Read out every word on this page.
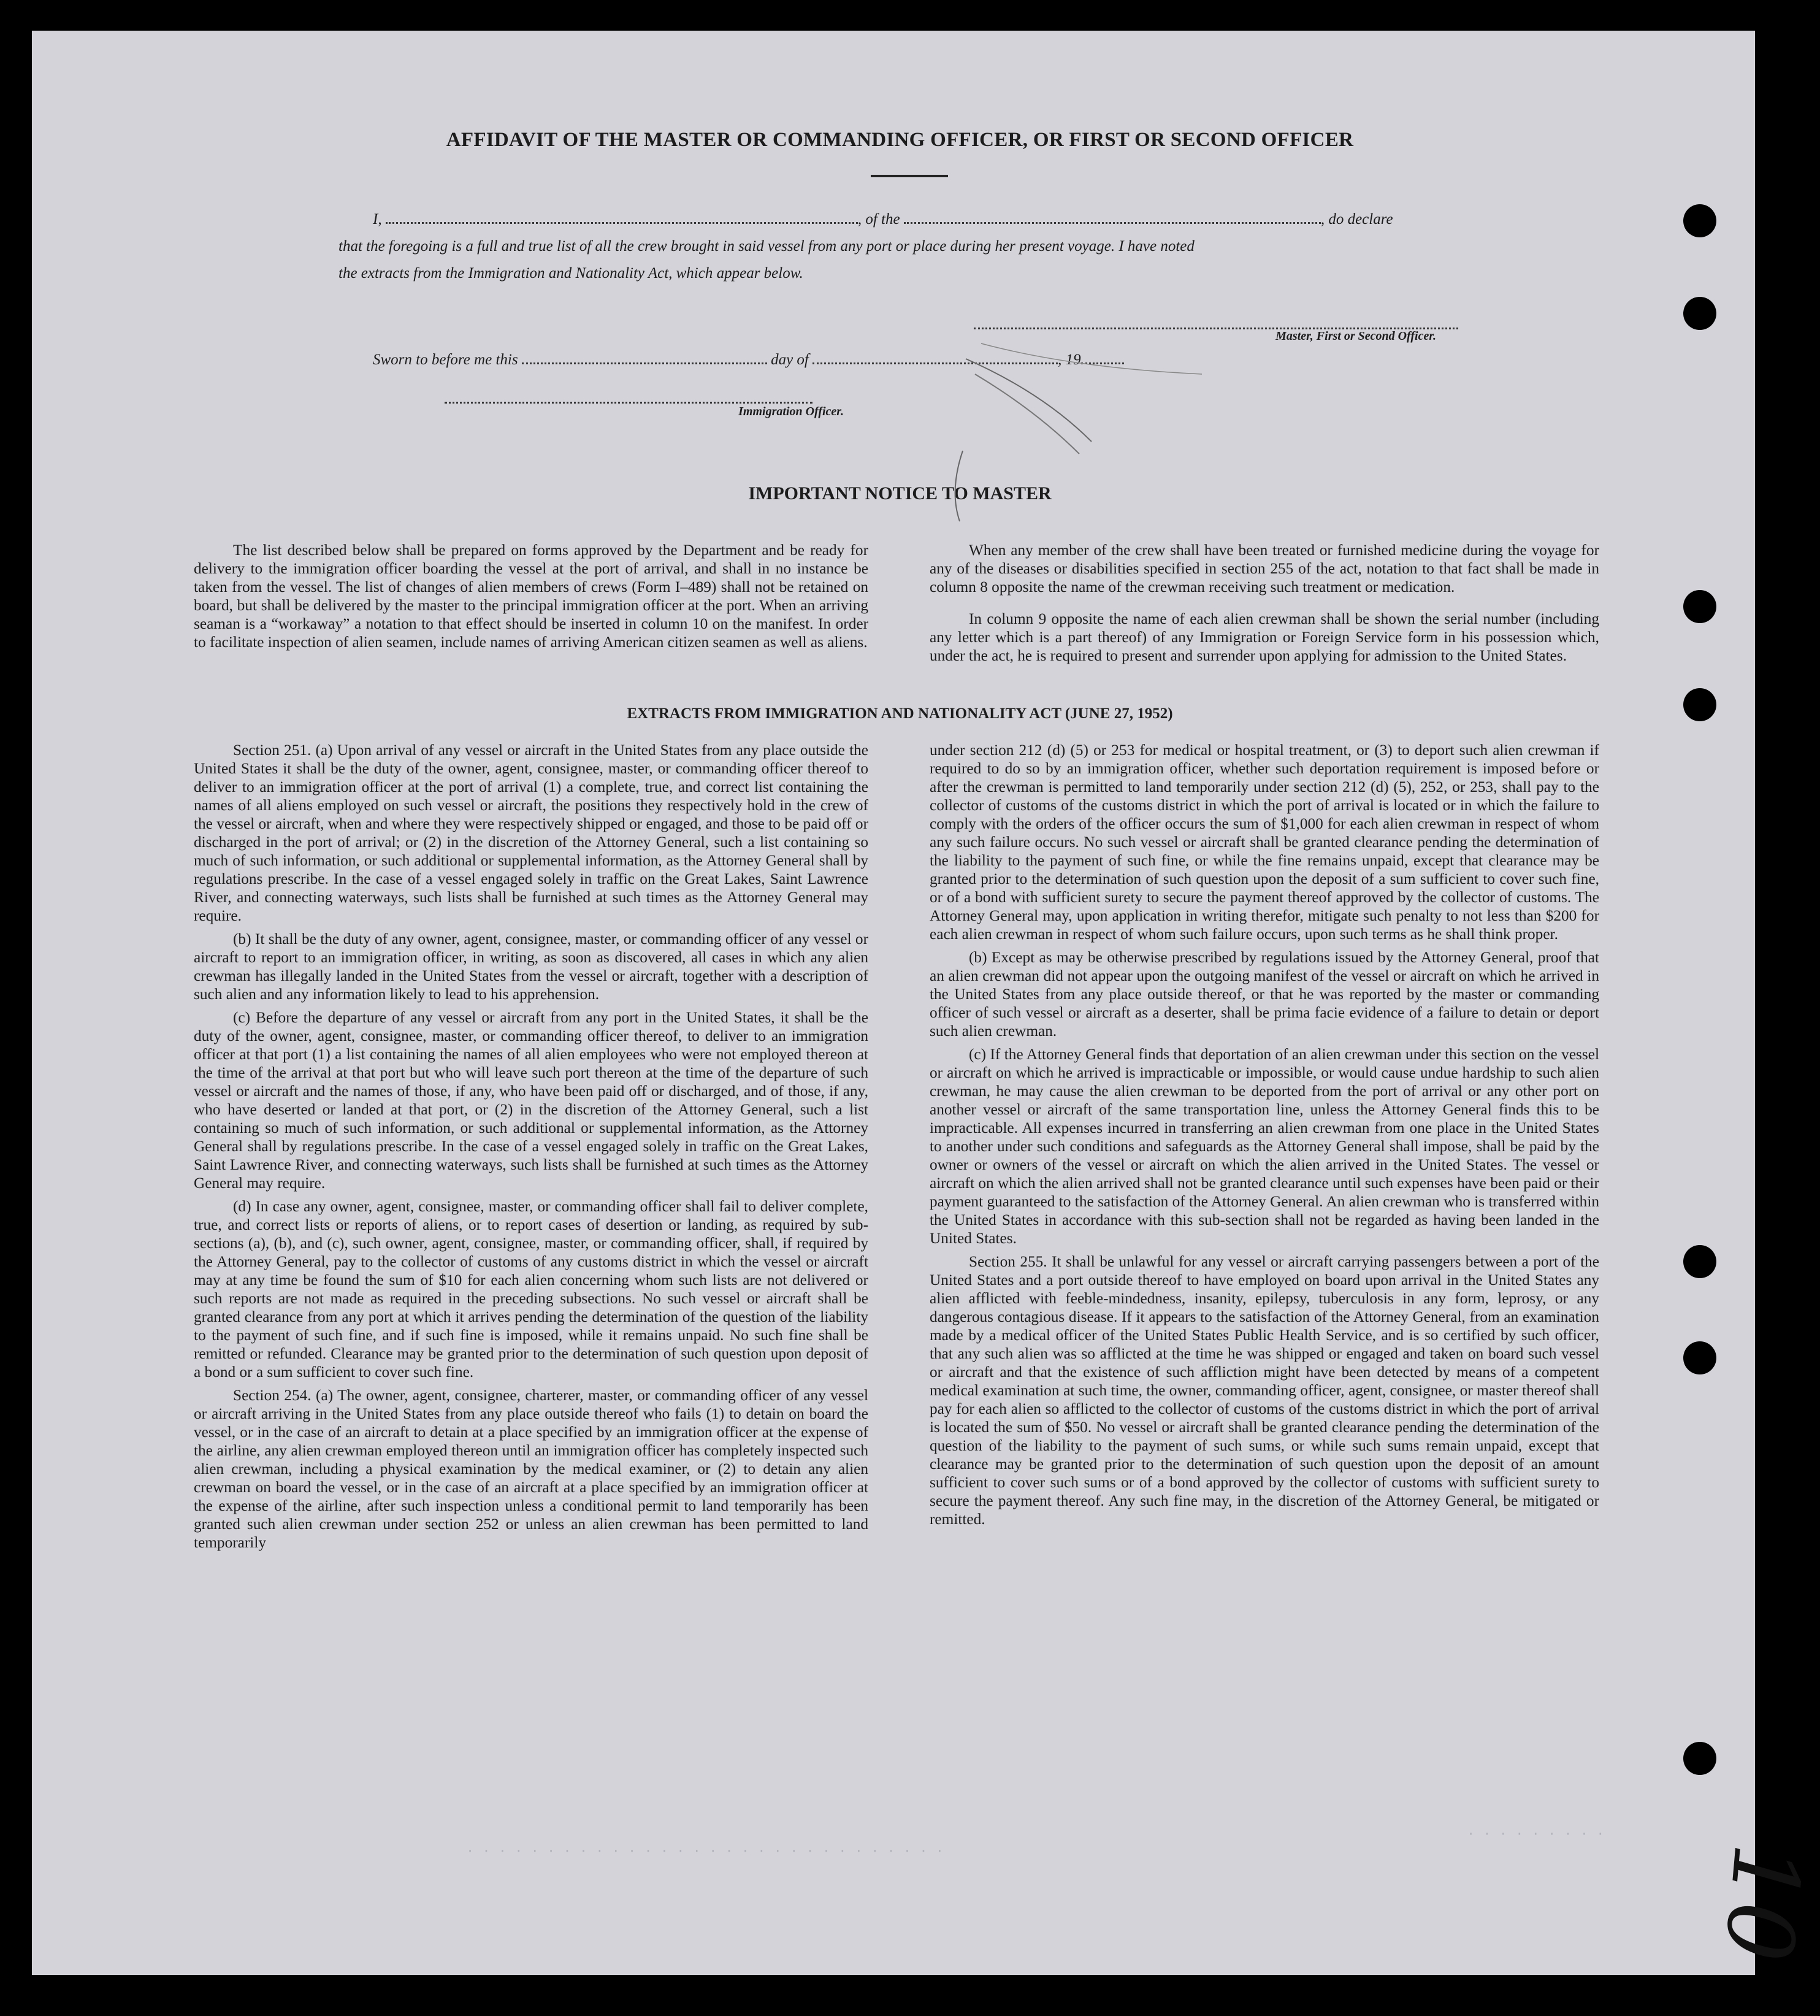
AFFIDAVIT OF THE MASTER OR COMMANDING OFFICER, OR FIRST OR SECOND OFFICER
I,	, of the	, do declare
that the foregoing is a full and true list of all the crew brought in said vessel from any port or place during her present voyage. I have noted
the extracts from the Immigration and Nationality Act, which appear below.
Master, First or Second Officer.
Sworn to before me this	day of	, 19
Immigration Officer.
IMPORTANT NOTICE TO MASTER

The list described below shall be prepared on forms approved by the Department and be ready for delivery to the immigration officer boarding the vessel at the port of arrival, and shall in no instance be taken from the vessel. The list of changes of alien members of crews (Form I–489) shall not be retained on board, but shall be delivered by the master to the principal immigration officer at the port. When an arriving seaman is a “workaway” a notation to that effect should be inserted in column 10 on the manifest. In order to facilitate inspection of alien seamen, include names of arriving American citizen seamen as well as aliens.

When any member of the crew shall have been treated or furnished medicine during the voyage for any of the diseases or disabilities specified in section 255 of the act, notation to that fact shall be made in column 8 opposite the name of the crewman receiving such treatment or medication.

In column 9 opposite the name of each alien crewman shall be shown the serial number (including any letter which is a part thereof) of any Immigration or Foreign Service form in his possession which, under the act, he is required to present and surrender upon applying for admission to the United States.

EXTRACTS FROM IMMIGRATION AND NATIONALITY ACT (JUNE 27, 1952)

Section 251. (a) Upon arrival of any vessel or aircraft in the United States from any place outside the United States it shall be the duty of the owner, agent, consignee, master, or commanding officer thereof to deliver to an immigration officer at the port of arrival (1) a complete, true, and correct list containing the names of all aliens employed on such vessel or aircraft, the positions they respectively hold in the crew of the vessel or aircraft, when and where they were respectively shipped or engaged, and those to be paid off or discharged in the port of arrival; or (2) in the discretion of the Attorney General, such a list containing so much of such information, or such additional or supplemental information, as the Attorney General shall by regulations prescribe. In the case of a vessel engaged solely in traffic on the Great Lakes, Saint Lawrence River, and connecting waterways, such lists shall be furnished at such times as the Attorney General may require.

(b) It shall be the duty of any owner, agent, consignee, master, or commanding officer of any vessel or aircraft to report to an immigration officer, in writing, as soon as discovered, all cases in which any alien crewman has illegally landed in the United States from the vessel or aircraft, together with a description of such alien and any information likely to lead to his apprehension.

(c) Before the departure of any vessel or aircraft from any port in the United States, it shall be the duty of the owner, agent, consignee, master, or commanding officer thereof, to deliver to an immigration officer at that port (1) a list containing the names of all alien employees who were not employed thereon at the time of the arrival at that port but who will leave such port thereon at the time of the departure of such vessel or aircraft and the names of those, if any, who have been paid off or discharged, and of those, if any, who have deserted or landed at that port, or (2) in the discretion of the Attorney General, such a list containing so much of such information, or such additional or supplemental information, as the Attorney General shall by regulations prescribe. In the case of a vessel engaged solely in traffic on the Great Lakes, Saint Lawrence River, and connecting waterways, such lists shall be furnished at such times as the Attorney General may require.

(d) In case any owner, agent, consignee, master, or commanding officer shall fail to deliver complete, true, and correct lists or reports of aliens, or to report cases of desertion or landing, as required by sub-sections (a), (b), and (c), such owner, agent, consignee, master, or commanding officer, shall, if required by the Attorney General, pay to the collector of customs of any customs district in which the vessel or aircraft may at any time be found the sum of $10 for each alien concerning whom such lists are not delivered or such reports are not made as required in the preceding subsections. No such vessel or aircraft shall be granted clearance from any port at which it arrives pending the determination of the question of the liability to the payment of such fine, and if such fine is imposed, while it remains unpaid. No such fine shall be remitted or refunded. Clearance may be granted prior to the determination of such question upon deposit of a bond or a sum sufficient to cover such fine.

Section 254. (a) The owner, agent, consignee, charterer, master, or commanding officer of any vessel or aircraft arriving in the United States from any place outside thereof who fails (1) to detain on board the vessel, or in the case of an aircraft to detain at a place specified by an immigration officer at the expense of the airline, any alien crewman employed thereon until an immigration officer has completely inspected such alien crewman, including a physical examination by the medical examiner, or (2) to detain any alien crewman on board the vessel, or in the case of an aircraft at a place specified by an immigration officer at the expense of the airline, after such inspection unless a conditional permit to land temporarily has been granted such alien crewman under section 252 or unless an alien crewman has been permitted to land temporarily

under section 212 (d) (5) or 253 for medical or hospital treatment, or (3) to deport such alien crewman if required to do so by an immigration officer, whether such deportation requirement is imposed before or after the crewman is permitted to land temporarily under section 212 (d) (5), 252, or 253, shall pay to the collector of customs of the customs district in which the port of arrival is located or in which the failure to comply with the orders of the officer occurs the sum of $1,000 for each alien crewman in respect of whom any such failure occurs. No such vessel or aircraft shall be granted clearance pending the determination of the liability to the payment of such fine, or while the fine remains unpaid, except that clearance may be granted prior to the determination of such question upon the deposit of a sum sufficient to cover such fine, or of a bond with sufficient surety to secure the payment thereof approved by the collector of customs. The Attorney General may, upon application in writing therefor, mitigate such penalty to not less than $200 for each alien crewman in respect of whom such failure occurs, upon such terms as he shall think proper.

(b) Except as may be otherwise prescribed by regulations issued by the Attorney General, proof that an alien crewman did not appear upon the outgoing manifest of the vessel or aircraft on which he arrived in the United States from any place outside thereof, or that he was reported by the master or commanding officer of such vessel or aircraft as a deserter, shall be prima facie evidence of a failure to detain or deport such alien crewman.

(c) If the Attorney General finds that deportation of an alien crewman under this section on the vessel or aircraft on which he arrived is impracticable or impossible, or would cause undue hardship to such alien crewman, he may cause the alien crewman to be deported from the port of arrival or any other port on another vessel or aircraft of the same transportation line, unless the Attorney General finds this to be impracticable. All expenses incurred in transferring an alien crewman from one place in the United States to another under such conditions and safeguards as the Attorney General shall impose, shall be paid by the owner or owners of the vessel or aircraft on which the alien arrived in the United States. The vessel or aircraft on which the alien arrived shall not be granted clearance until such expenses have been paid or their payment guaranteed to the satisfaction of the Attorney General. An alien crewman who is transferred within the United States in accordance with this sub-section shall not be regarded as having been landed in the United States.

Section 255. It shall be unlawful for any vessel or aircraft carrying passengers between a port of the United States and a port outside thereof to have employed on board upon arrival in the United States any alien afflicted with feeble-mindedness, insanity, epilepsy, tuberculosis in any form, leprosy, or any dangerous contagious disease. If it appears to the satisfaction of the Attorney General, from an examination made by a medical officer of the United States Public Health Service, and is so certified by such officer, that any such alien was so afflicted at the time he was shipped or engaged and taken on board such vessel or aircraft and that the existence of such affliction might have been detected by means of a competent medical examination at such time, the owner, commanding officer, agent, consignee, or master thereof shall pay for each alien so afflicted to the collector of customs of the customs district in which the port of arrival is located the sum of $50. No vessel or aircraft shall be granted clearance pending the determination of the question of the liability to the payment of such sums, or while such sums remain unpaid, except that clearance may be granted prior to the determination of such question upon the deposit of an amount sufficient to cover such sums or of a bond approved by the collector of customs with sufficient surety to secure the payment thereof. Any such fine may, in the discretion of the Attorney General, be mitigated or remitted.

· · · · · · · · · · · · · · · · · · · · · · · · · · · · · ·
· · · · · · · · ·
10
